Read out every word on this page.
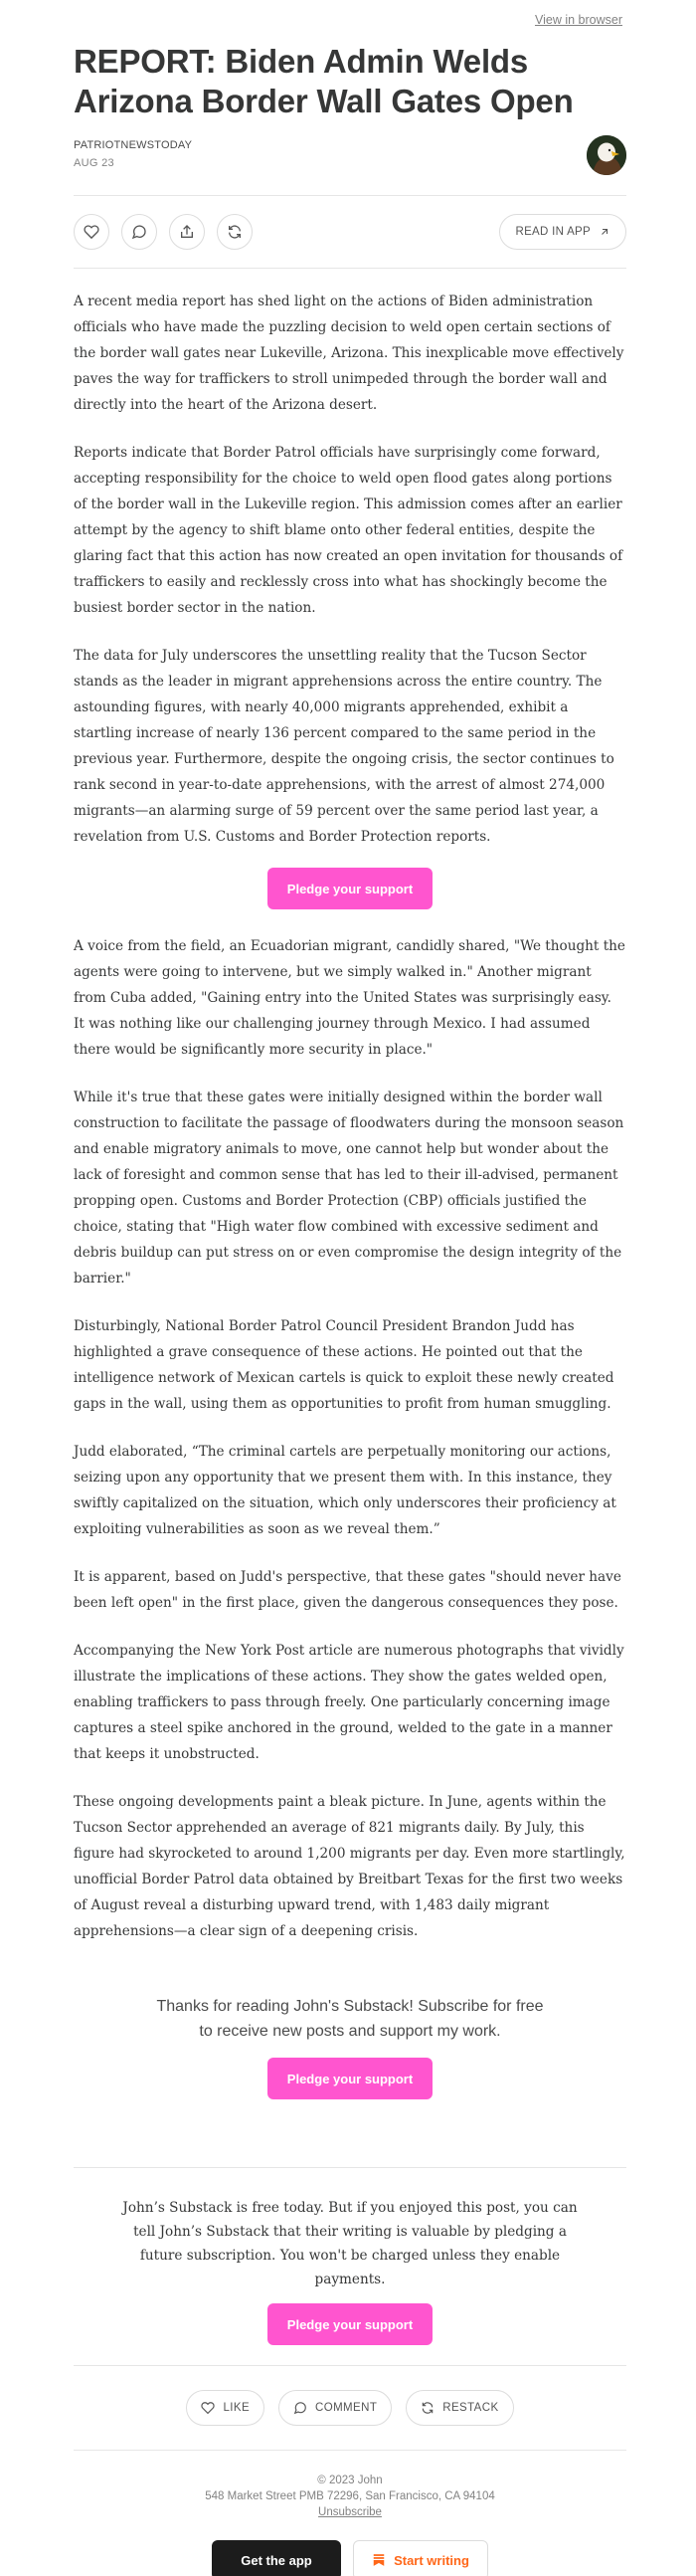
View in browser
REPORT: Biden Admin Welds Arizona Border Wall Gates Open
PATRIOTNEWSTODAY
AUG 23
READ IN APP

A recent media report has shed light on the actions of Biden administration officials who have made the puzzling decision to weld open certain sections of the border wall gates near Lukeville, Arizona. This inexplicable move effectively paves the way for traffickers to stroll unimpeded through the border wall and directly into the heart of the Arizona desert.

Reports indicate that Border Patrol officials have surprisingly come forward, accepting responsibility for the choice to weld open flood gates along portions of the border wall in the Lukeville region. This admission comes after an earlier attempt by the agency to shift blame onto other federal entities, despite the glaring fact that this action has now created an open invitation for thousands of traffickers to easily and recklessly cross into what has shockingly become the busiest border sector in the nation.

The data for July underscores the unsettling reality that the Tucson Sector stands as the leader in migrant apprehensions across the entire country. The astounding figures, with nearly 40,000 migrants apprehended, exhibit a startling increase of nearly 136 percent compared to the same period in the previous year. Furthermore, despite the ongoing crisis, the sector continues to rank second in year-to-date apprehensions, with the arrest of almost 274,000 migrants—an alarming surge of 59 percent over the same period last year, a revelation from U.S. Customs and Border Protection reports.

Pledge your support

A voice from the field, an Ecuadorian migrant, candidly shared, "We thought the agents were going to intervene, but we simply walked in." Another migrant from Cuba added, "Gaining entry into the United States was surprisingly easy. It was nothing like our challenging journey through Mexico. I had assumed there would be significantly more security in place."

While it's true that these gates were initially designed within the border wall construction to facilitate the passage of floodwaters during the monsoon season and enable migratory animals to move, one cannot help but wonder about the lack of foresight and common sense that has led to their ill-advised, permanent propping open. Customs and Border Protection (CBP) officials justified the choice, stating that "High water flow combined with excessive sediment and debris buildup can put stress on or even compromise the design integrity of the barrier."

Disturbingly, National Border Patrol Council President Brandon Judd has highlighted a grave consequence of these actions. He pointed out that the intelligence network of Mexican cartels is quick to exploit these newly created gaps in the wall, using them as opportunities to profit from human smuggling.

Judd elaborated, “The criminal cartels are perpetually monitoring our actions, seizing upon any opportunity that we present them with. In this instance, they swiftly capitalized on the situation, which only underscores their proficiency at exploiting vulnerabilities as soon as we reveal them.”

It is apparent, based on Judd's perspective, that these gates "should never have been left open" in the first place, given the dangerous consequences they pose.

Accompanying the New York Post article are numerous photographs that vividly illustrate the implications of these actions. They show the gates welded open, enabling traffickers to pass through freely. One particularly concerning image captures a steel spike anchored in the ground, welded to the gate in a manner that keeps it unobstructed.

These ongoing developments paint a bleak picture. In June, agents within the Tucson Sector apprehended an average of 821 migrants daily. By July, this figure had skyrocketed to around 1,200 migrants per day. Even more startlingly, unofficial Border Patrol data obtained by Breitbart Texas for the first two weeks of August reveal a disturbing upward trend, with 1,483 daily migrant apprehensions—a clear sign of a deepening crisis.

Thanks for reading John's Substack! Subscribe for free
to receive new posts and support my work.
Pledge your support
John’s Substack is free today. But if you enjoyed this post, you can tell John’s Substack that their writing is valuable by pledging a future subscription. You won't be charged unless they enable payments.
Pledge your support
LIKE	COMMENT	RESTACK
© 2023 John
548 Market Street PMB 72296, San Francisco, CA 94104
Unsubscribe
Get the app	Start writing
